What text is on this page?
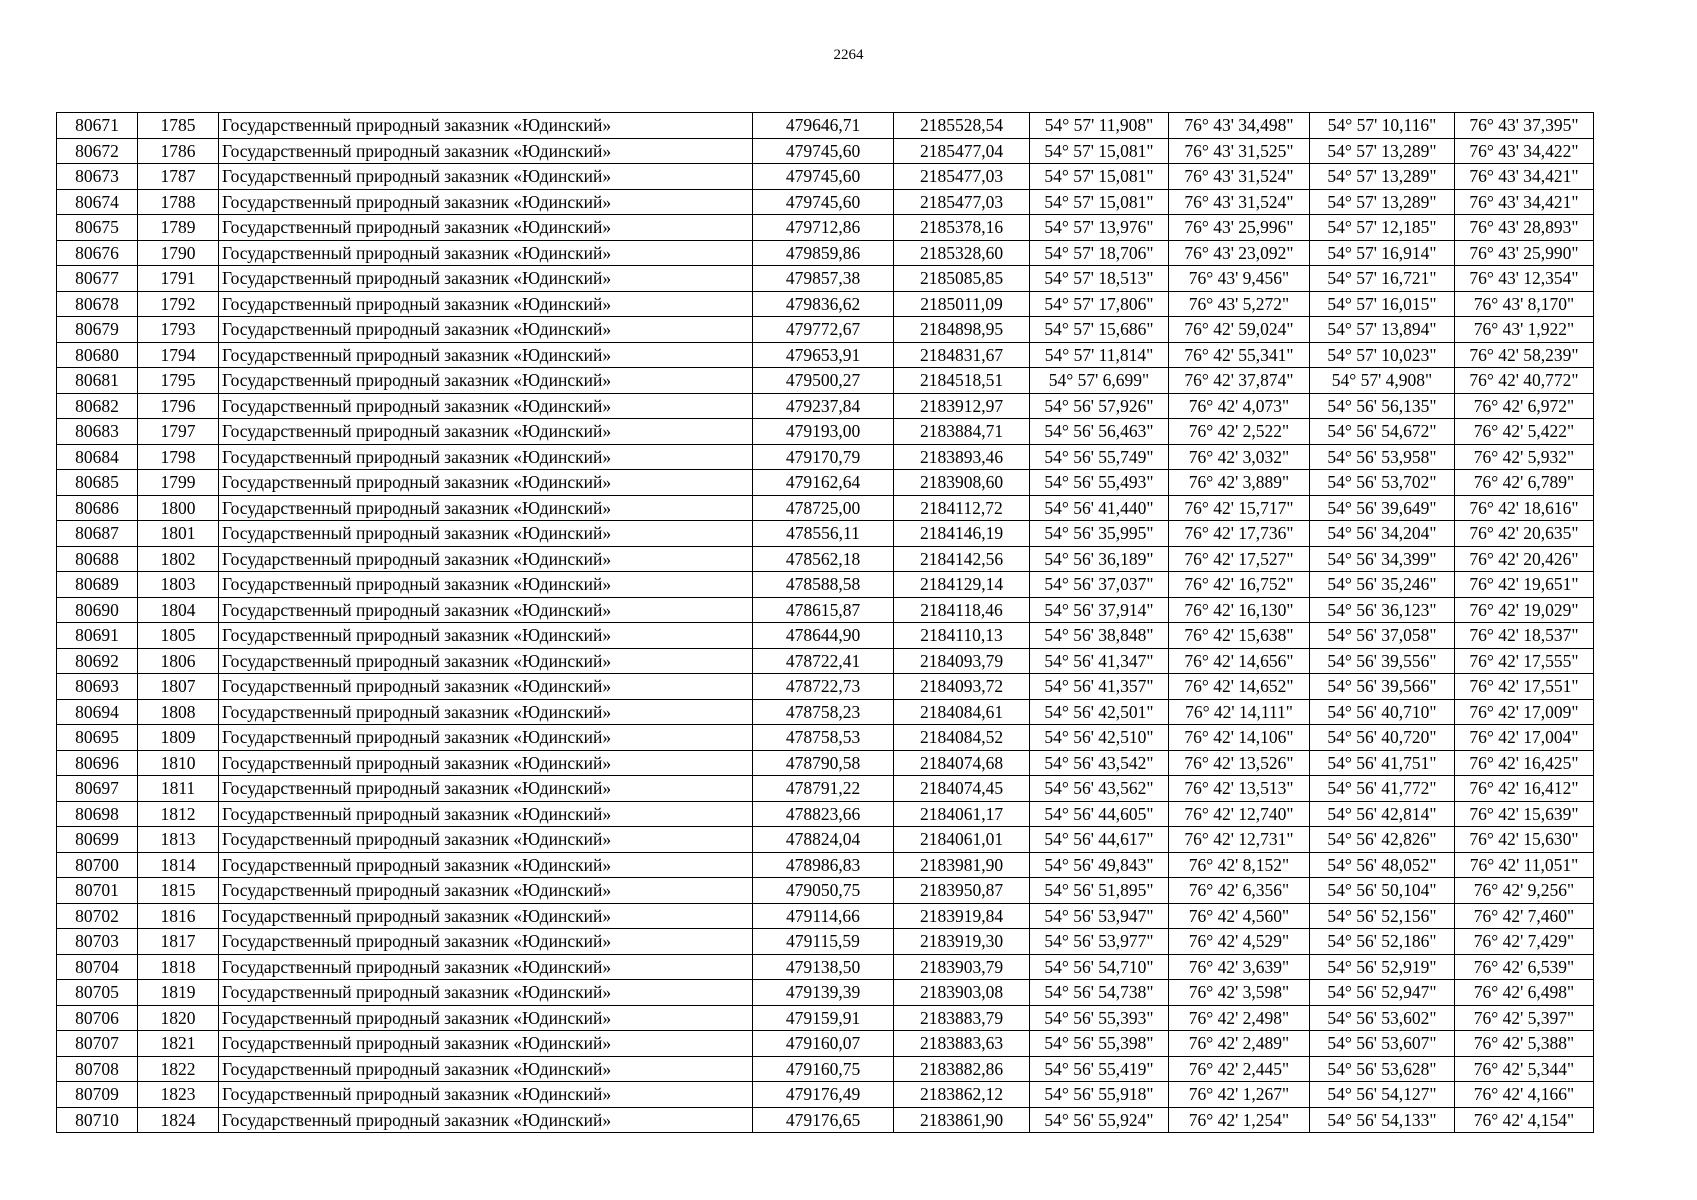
2264
80671	1785	Государственный природный заказник «Юдинский»	479646,71	2185528,54	54° 57' 11,908"	76° 43' 34,498"	54° 57' 10,116"	76° 43' 37,395"
80672	1786	Государственный природный заказник «Юдинский»	479745,60	2185477,04	54° 57' 15,081"	76° 43' 31,525"	54° 57' 13,289"	76° 43' 34,422"
80673	1787	Государственный природный заказник «Юдинский»	479745,60	2185477,03	54° 57' 15,081"	76° 43' 31,524"	54° 57' 13,289"	76° 43' 34,421"
80674	1788	Государственный природный заказник «Юдинский»	479745,60	2185477,03	54° 57' 15,081"	76° 43' 31,524"	54° 57' 13,289"	76° 43' 34,421"
80675	1789	Государственный природный заказник «Юдинский»	479712,86	2185378,16	54° 57' 13,976"	76° 43' 25,996"	54° 57' 12,185"	76° 43' 28,893"
80676	1790	Государственный природный заказник «Юдинский»	479859,86	2185328,60	54° 57' 18,706"	76° 43' 23,092"	54° 57' 16,914"	76° 43' 25,990"
80677	1791	Государственный природный заказник «Юдинский»	479857,38	2185085,85	54° 57' 18,513"	76° 43' 9,456"	54° 57' 16,721"	76° 43' 12,354"
80678	1792	Государственный природный заказник «Юдинский»	479836,62	2185011,09	54° 57' 17,806"	76° 43' 5,272"	54° 57' 16,015"	76° 43' 8,170"
80679	1793	Государственный природный заказник «Юдинский»	479772,67	2184898,95	54° 57' 15,686"	76° 42' 59,024"	54° 57' 13,894"	76° 43' 1,922"
80680	1794	Государственный природный заказник «Юдинский»	479653,91	2184831,67	54° 57' 11,814"	76° 42' 55,341"	54° 57' 10,023"	76° 42' 58,239"
80681	1795	Государственный природный заказник «Юдинский»	479500,27	2184518,51	54° 57' 6,699"	76° 42' 37,874"	54° 57' 4,908"	76° 42' 40,772"
80682	1796	Государственный природный заказник «Юдинский»	479237,84	2183912,97	54° 56' 57,926"	76° 42' 4,073"	54° 56' 56,135"	76° 42' 6,972"
80683	1797	Государственный природный заказник «Юдинский»	479193,00	2183884,71	54° 56' 56,463"	76° 42' 2,522"	54° 56' 54,672"	76° 42' 5,422"
80684	1798	Государственный природный заказник «Юдинский»	479170,79	2183893,46	54° 56' 55,749"	76° 42' 3,032"	54° 56' 53,958"	76° 42' 5,932"
80685	1799	Государственный природный заказник «Юдинский»	479162,64	2183908,60	54° 56' 55,493"	76° 42' 3,889"	54° 56' 53,702"	76° 42' 6,789"
80686	1800	Государственный природный заказник «Юдинский»	478725,00	2184112,72	54° 56' 41,440"	76° 42' 15,717"	54° 56' 39,649"	76° 42' 18,616"
80687	1801	Государственный природный заказник «Юдинский»	478556,11	2184146,19	54° 56' 35,995"	76° 42' 17,736"	54° 56' 34,204"	76° 42' 20,635"
80688	1802	Государственный природный заказник «Юдинский»	478562,18	2184142,56	54° 56' 36,189"	76° 42' 17,527"	54° 56' 34,399"	76° 42' 20,426"
80689	1803	Государственный природный заказник «Юдинский»	478588,58	2184129,14	54° 56' 37,037"	76° 42' 16,752"	54° 56' 35,246"	76° 42' 19,651"
80690	1804	Государственный природный заказник «Юдинский»	478615,87	2184118,46	54° 56' 37,914"	76° 42' 16,130"	54° 56' 36,123"	76° 42' 19,029"
80691	1805	Государственный природный заказник «Юдинский»	478644,90	2184110,13	54° 56' 38,848"	76° 42' 15,638"	54° 56' 37,058"	76° 42' 18,537"
80692	1806	Государственный природный заказник «Юдинский»	478722,41	2184093,79	54° 56' 41,347"	76° 42' 14,656"	54° 56' 39,556"	76° 42' 17,555"
80693	1807	Государственный природный заказник «Юдинский»	478722,73	2184093,72	54° 56' 41,357"	76° 42' 14,652"	54° 56' 39,566"	76° 42' 17,551"
80694	1808	Государственный природный заказник «Юдинский»	478758,23	2184084,61	54° 56' 42,501"	76° 42' 14,111"	54° 56' 40,710"	76° 42' 17,009"
80695	1809	Государственный природный заказник «Юдинский»	478758,53	2184084,52	54° 56' 42,510"	76° 42' 14,106"	54° 56' 40,720"	76° 42' 17,004"
80696	1810	Государственный природный заказник «Юдинский»	478790,58	2184074,68	54° 56' 43,542"	76° 42' 13,526"	54° 56' 41,751"	76° 42' 16,425"
80697	1811	Государственный природный заказник «Юдинский»	478791,22	2184074,45	54° 56' 43,562"	76° 42' 13,513"	54° 56' 41,772"	76° 42' 16,412"
80698	1812	Государственный природный заказник «Юдинский»	478823,66	2184061,17	54° 56' 44,605"	76° 42' 12,740"	54° 56' 42,814"	76° 42' 15,639"
80699	1813	Государственный природный заказник «Юдинский»	478824,04	2184061,01	54° 56' 44,617"	76° 42' 12,731"	54° 56' 42,826"	76° 42' 15,630"
80700	1814	Государственный природный заказник «Юдинский»	478986,83	2183981,90	54° 56' 49,843"	76° 42' 8,152"	54° 56' 48,052"	76° 42' 11,051"
80701	1815	Государственный природный заказник «Юдинский»	479050,75	2183950,87	54° 56' 51,895"	76° 42' 6,356"	54° 56' 50,104"	76° 42' 9,256"
80702	1816	Государственный природный заказник «Юдинский»	479114,66	2183919,84	54° 56' 53,947"	76° 42' 4,560"	54° 56' 52,156"	76° 42' 7,460"
80703	1817	Государственный природный заказник «Юдинский»	479115,59	2183919,30	54° 56' 53,977"	76° 42' 4,529"	54° 56' 52,186"	76° 42' 7,429"
80704	1818	Государственный природный заказник «Юдинский»	479138,50	2183903,79	54° 56' 54,710"	76° 42' 3,639"	54° 56' 52,919"	76° 42' 6,539"
80705	1819	Государственный природный заказник «Юдинский»	479139,39	2183903,08	54° 56' 54,738"	76° 42' 3,598"	54° 56' 52,947"	76° 42' 6,498"
80706	1820	Государственный природный заказник «Юдинский»	479159,91	2183883,79	54° 56' 55,393"	76° 42' 2,498"	54° 56' 53,602"	76° 42' 5,397"
80707	1821	Государственный природный заказник «Юдинский»	479160,07	2183883,63	54° 56' 55,398"	76° 42' 2,489"	54° 56' 53,607"	76° 42' 5,388"
80708	1822	Государственный природный заказник «Юдинский»	479160,75	2183882,86	54° 56' 55,419"	76° 42' 2,445"	54° 56' 53,628"	76° 42' 5,344"
80709	1823	Государственный природный заказник «Юдинский»	479176,49	2183862,12	54° 56' 55,918"	76° 42' 1,267"	54° 56' 54,127"	76° 42' 4,166"
80710	1824	Государственный природный заказник «Юдинский»	479176,65	2183861,90	54° 56' 55,924"	76° 42' 1,254"	54° 56' 54,133"	76° 42' 4,154"
